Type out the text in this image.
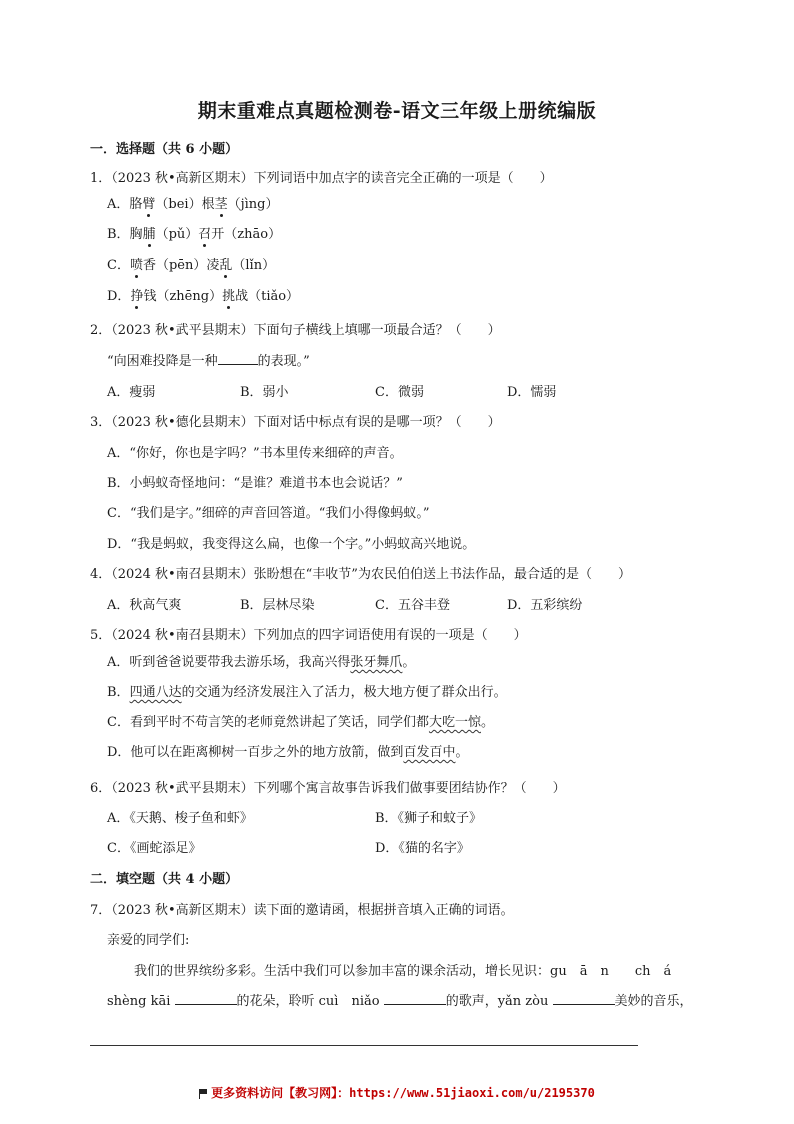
期末重难点真题检测卷-语文三年级上册统编版
一．选择题（共 6 小题）
1．（2023 秋•高新区期末）下列词语中加点字的读音完全正确的一项是（　　）
A．胳臂（bei）根茎（jìng）
B．胸脯（pǔ）召开（zhāo）
C．喷香（pēn）凌乱（lǐn）
D．挣钱（zhēng）挑战（tiǎo）
2．（2023 秋•武平县期末）下面句子横线上填哪一项最合适？（　　）
“向困难投降是一种	的表现。”
A．瘦弱	B．弱小	C．微弱	D．懦弱
3．（2023 秋•德化县期末）下面对话中标点有误的是哪一项？（　　）
A．“你好，你也是字吗？”书本里传来细碎的声音。
B．小蚂蚁奇怪地问：“是谁？难道书本也会说话？”
C．“我们是字。”细碎的声音回答道。“我们小得像蚂蚁。”
D．“我是蚂蚁，我变得这么扁，也像一个字。”小蚂蚁高兴地说。
4．（2024 秋•南召县期末）张盼想在“丰收节”为农民伯伯送上书法作品，最合适的是（　　）
A．秋高气爽	B．层林尽染	C．五谷丰登	D．五彩缤纷
5．（2024 秋•南召县期末）下列加点的四字词语使用有误的一项是（　　）
A．听到爸爸说要带我去游乐场，我高兴得张牙舞爪。
B．四通八达的交通为经济发展注入了活力，极大地方便了群众出行。
C．看到平时不苟言笑的老师竟然讲起了笑话，同学们都大吃一惊。
D．他可以在距离柳树一百步之外的地方放箭，做到百发百中。
6．（2023 秋•武平县期末）下列哪个寓言故事告诉我们做事要团结协作？（　　）
A．《天鹅、梭子鱼和虾》	B．《狮子和蚊子》
C．《画蛇添足》	D．《猫的名字》
二．填空题（共 4 小题）
7．（2023 秋•高新区期末）读下面的邀请函，根据拼音填入正确的词语。
亲爱的同学们:
我们的世界缤纷多彩。生活中我们可以参加丰富的课余活动，增长见识：gu　ā　n　　ch　á
shèng kāi	的花朵，聆听 cuì　niǎo	的歌声，yǎn zòu	美妙的音乐，
更多资料访问【教习网】：https://www.51jiaoxi.com/u/2195370
